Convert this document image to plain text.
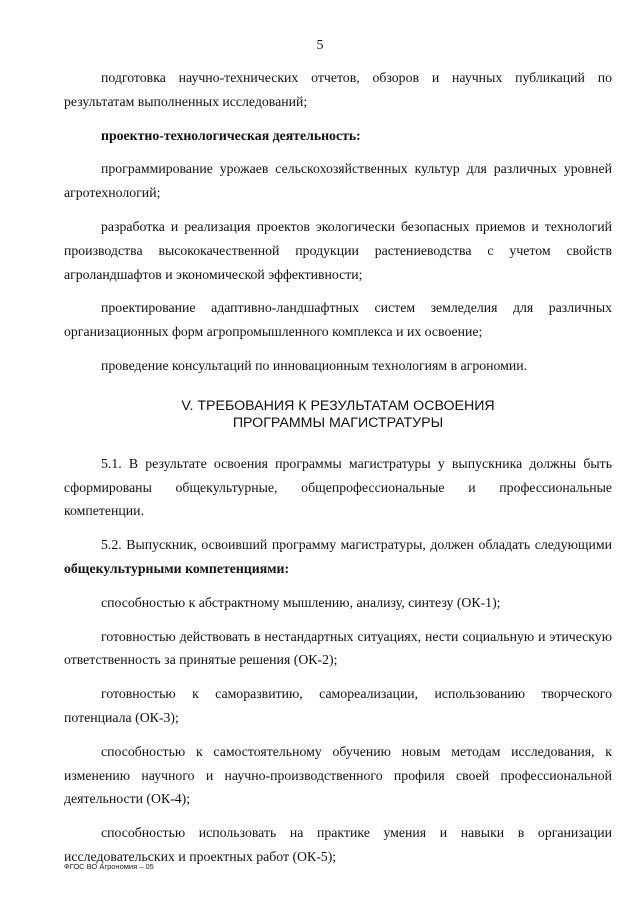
5

подготовка научно-технических отчетов, обзоров и научных публикаций по результатам выполненных исследований;

проектно-технологическая деятельность:

программирование урожаев сельскохозяйственных культур для различных уровней агротехнологий;

разработка и реализация проектов экологически безопасных приемов и технологий производства высококачественной продукции растениеводства с учетом свойств агроландшафтов и экономической эффективности;

проектирование адаптивно-ландшафтных систем земледелия для различных организационных форм агропромышленного комплекса и их освоение;

проведение консультаций по инновационным технологиям в агрономии.

V. ТРЕБОВАНИЯ К РЕЗУЛЬТАТАМ ОСВОЕНИЯ
ПРОГРАММЫ МАГИСТРАТУРЫ

5.1. В результате освоения программы магистратуры у выпускника должны быть сформированы общекультурные, общепрофессиональные и профессиональные компетенции.

5.2. Выпускник, освоивший программу магистратуры, должен обладать следующими общекультурными компетенциями:

способностью к абстрактному мышлению, анализу, синтезу (ОК-1);

готовностью действовать в нестандартных ситуациях, нести социальную и этическую ответственность за принятые решения (ОК-2);

готовностью к саморазвитию, самореализации, использованию творческого потенциала (ОК-3);

способностью к самостоятельному обучению новым методам исследования, к изменению научного и научно-производственного профиля своей профессиональной деятельности (ОК-4);

способностью использовать на практике умения и навыки в организации исследовательских и проектных работ (ОК-5);

ФГОС ВО Агрономия – 05
